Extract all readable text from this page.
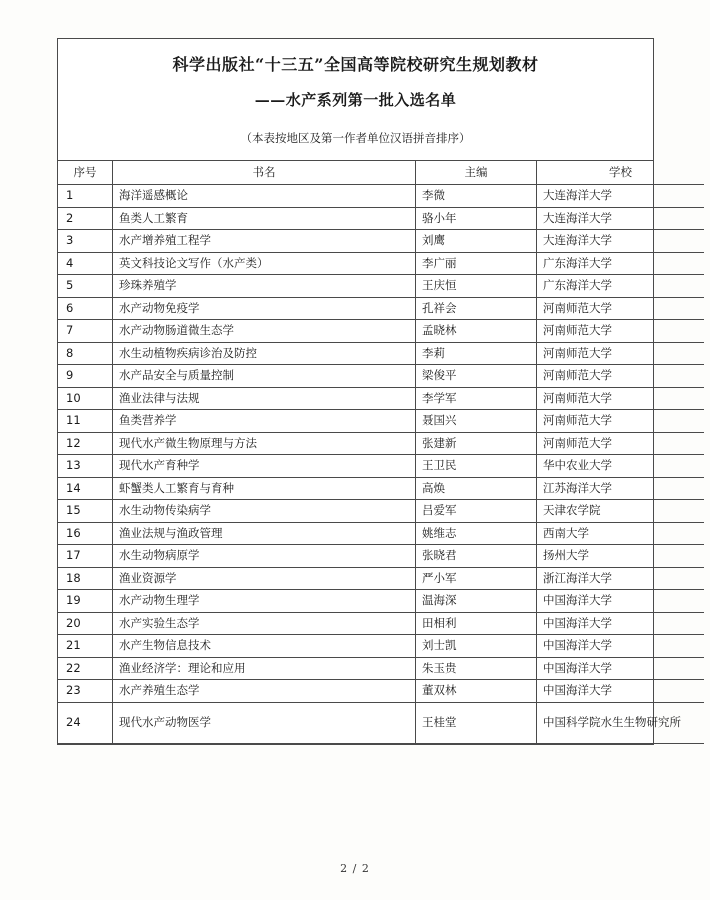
科学出版社“十三五”全国高等院校研究生规划教材
——水产系列第一批入选名单
（本表按地区及第一作者单位汉语拼音排序）
序号	书名	主编	学校
1	海洋遥感概论	李微	大连海洋大学
2	鱼类人工繁育	骆小年	大连海洋大学
3	水产增养殖工程学	刘鹰	大连海洋大学
4	英文科技论文写作（水产类）	李广丽	广东海洋大学
5	珍珠养殖学	王庆恒	广东海洋大学
6	水产动物免疫学	孔祥会	河南师范大学
7	水产动物肠道微生态学	孟晓林	河南师范大学
8	水生动植物疾病诊治及防控	李莉	河南师范大学
9	水产品安全与质量控制	梁俊平	河南师范大学
10	渔业法律与法规	李学军	河南师范大学
11	鱼类营养学	聂国兴	河南师范大学
12	现代水产微生物原理与方法	张建新	河南师范大学
13	现代水产育种学	王卫民	华中农业大学
14	虾蟹类人工繁育与育种	高焕	江苏海洋大学
15	水生动物传染病学	吕爱军	天津农学院
16	渔业法规与渔政管理	姚维志	西南大学
17	水生动物病原学	张晓君	扬州大学
18	渔业资源学	严小军	浙江海洋大学
19	水产动物生理学	温海深	中国海洋大学
20	水产实验生态学	田相利	中国海洋大学
21	水产生物信息技术	刘士凯	中国海洋大学
22	渔业经济学：理论和应用	朱玉贵	中国海洋大学
23	水产养殖生态学	董双林	中国海洋大学
24	现代水产动物医学	王桂堂	中国科学院水生生物研究所
2 / 2
